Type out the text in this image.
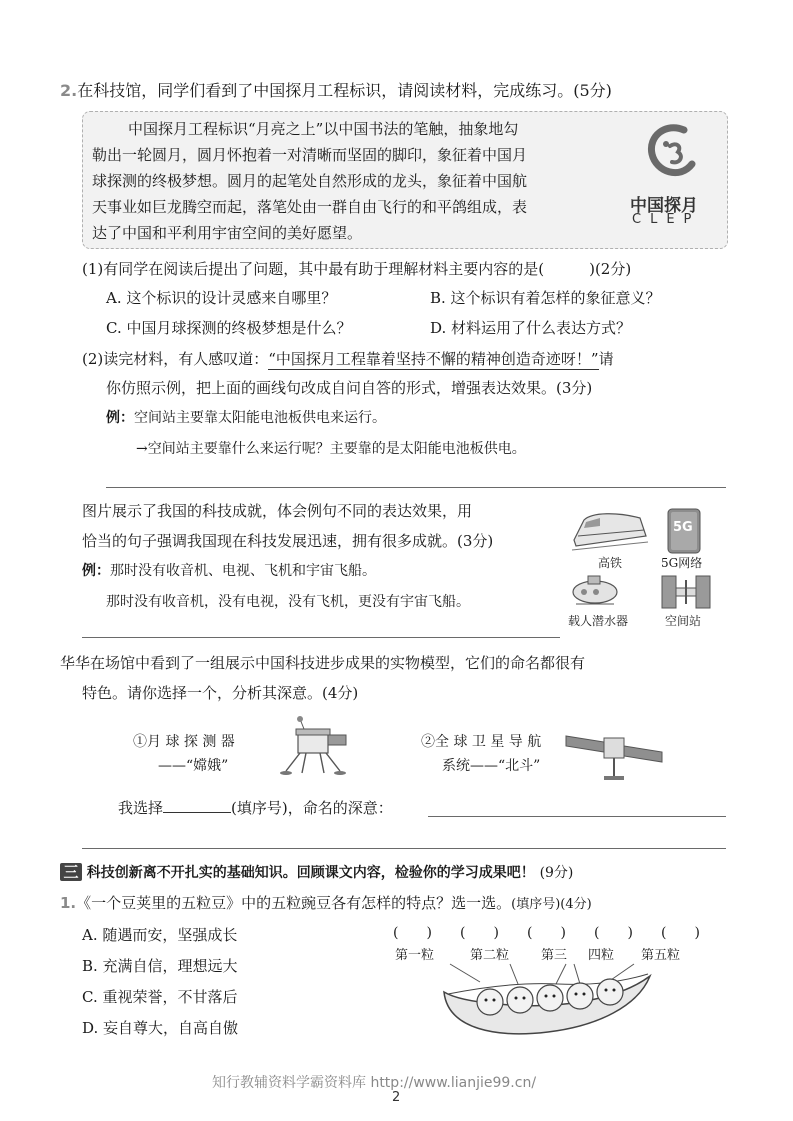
2.在科技馆，同学们看到了中国探月工程标识，请阅读材料，完成练习。(5分)
中国探月工程标识“月亮之上”以中国书法的笔触，抽象地勾
勒出一轮圆月，圆月怀抱着一对清晰而坚固的脚印，象征着中国月
球探测的终极梦想。圆月的起笔处自然形成的龙头，象征着中国航
天事业如巨龙腾空而起，落笔处由一群自由飞行的和平鸽组成，表
达了中国和平利用宇宙空间的美好愿望。
中国探月
CLEP
(1)有同学在阅读后提出了问题，其中最有助于理解材料主要内容的是(　　　)(2分)
A. 这个标识的设计灵感来自哪里？	B. 这个标识有着怎样的象征意义？
C. 中国月球探测的终极梦想是什么？	D. 材料运用了什么表达方式？
(2)读完材料，有人感叹道：“中国探月工程靠着坚持不懈的精神创造奇迹呀！”请
你仿照示例，把上面的画线句改成自问自答的形式，增强表达效果。(3分)
例：空间站主要靠太阳能电池板供电来运行。
→空间站主要靠什么来运行呢？主要靠的是太阳能电池板供电。
图片展示了我国的科技成就，体会例句不同的表达效果，用
恰当的句子强调我国现在科技发展迅速，拥有很多成就。(3分)
例：那时没有收音机、电视、飞机和宇宙飞船。
那时没有收音机，没有电视，没有飞机，更没有宇宙飞船。
高铁
5G
5G网络
载人潜水器	空间站
华华在场馆中看到了一组展示中国科技进步成果的实物模型，它们的命名都很有
特色。请你选择一个，分析其深意。(4分)
①月 球 探 测 器
——“嫦娥”
②全 球 卫 星 导 航
系统——“北斗”
我选择	(填序号)，命名的深意：
三 科技创新离不开扎实的基础知识。回顾课文内容，检验你的学习成果吧！ (9分)
1.《一个豆荚里的五粒豆》中的五粒豌豆各有怎样的特点？选一选。(填序号)(4分)
A. 随遇而安，坚强成长
B. 充满自信，理想远大
C. 重视荣誉，不甘落后
D. 妄自尊大，自高自傲
(　　) (　　) (　　) (　　) (　　)
第一粒	第二粒 第三 四粒 第五粒
知行教辅资料学霸资料库 http://www.lianjie99.cn/
2
